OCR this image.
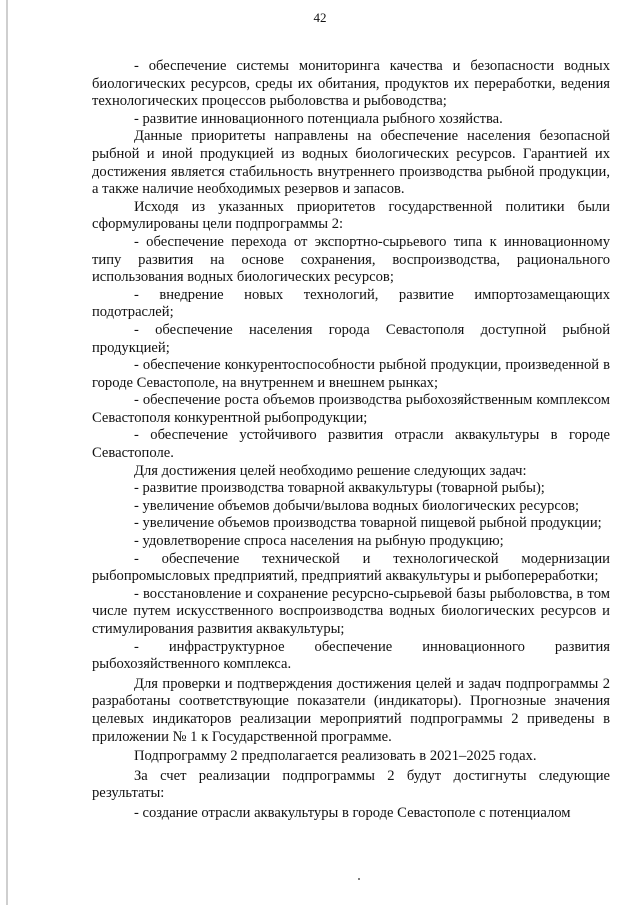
42

- обеспечение системы мониторинга качества и безопасности водных биологических ресурсов, среды их обитания, продуктов их переработки, ведения технологических процессов рыболовства и рыбоводства;

- развитие инновационного потенциала рыбного хозяйства.

Данные приоритеты направлены на обеспечение населения безопасной рыбной и иной продукцией из водных биологических ресурсов. Гарантией их достижения является стабильность внутреннего производства рыбной продукции, а также наличие необходимых резервов и запасов.

Исходя из указанных приоритетов государственной политики были сформулированы цели подпрограммы 2:

- обеспечение перехода от экспортно-сырьевого типа к инновационному типу развития на основе сохранения, воспроизводства, рационального использования водных биологических ресурсов;

- внедрение новых технологий, развитие импортозамещающих подотраслей;

- обеспечение населения города Севастополя доступной рыбной продукцией;

- обеспечение конкурентоспособности рыбной продукции, произведенной в городе Севастополе, на внутреннем и внешнем рынках;

- обеспечение роста объемов производства рыбохозяйственным комплексом Севастополя конкурентной рыбопродукции;

- обеспечение устойчивого развития отрасли аквакультуры в городе Севастополе.

Для достижения целей необходимо решение следующих задач:

- развитие производства товарной аквакультуры (товарной рыбы);

- увеличение объемов добычи/вылова водных биологических ресурсов;

- увеличение объемов производства товарной пищевой рыбной продукции;

- удовлетворение спроса населения на рыбную продукцию;

- обеспечение технической и технологической модернизации рыбопромысловых предприятий, предприятий аквакультуры и рыбопереработки;

- восстановление и сохранение ресурсно-сырьевой базы рыболовства, в том числе путем искусственного воспроизводства водных биологических ресурсов и стимулирования развития аквакультуры;

- инфраструктурное обеспечение инновационного развития рыбохозяйственного комплекса.

Для проверки и подтверждения достижения целей и задач подпрограммы 2 разработаны соответствующие показатели (индикаторы). Прогнозные значения целевых индикаторов реализации мероприятий подпрограммы 2 приведены в приложении № 1 к Государственной программе.

Подпрограмму 2 предполагается реализовать в 2021–2025 годах.

За счет реализации подпрограммы 2 будут достигнуты следующие результаты:

- создание отрасли аквакультуры в городе Севастополе с потенциалом
